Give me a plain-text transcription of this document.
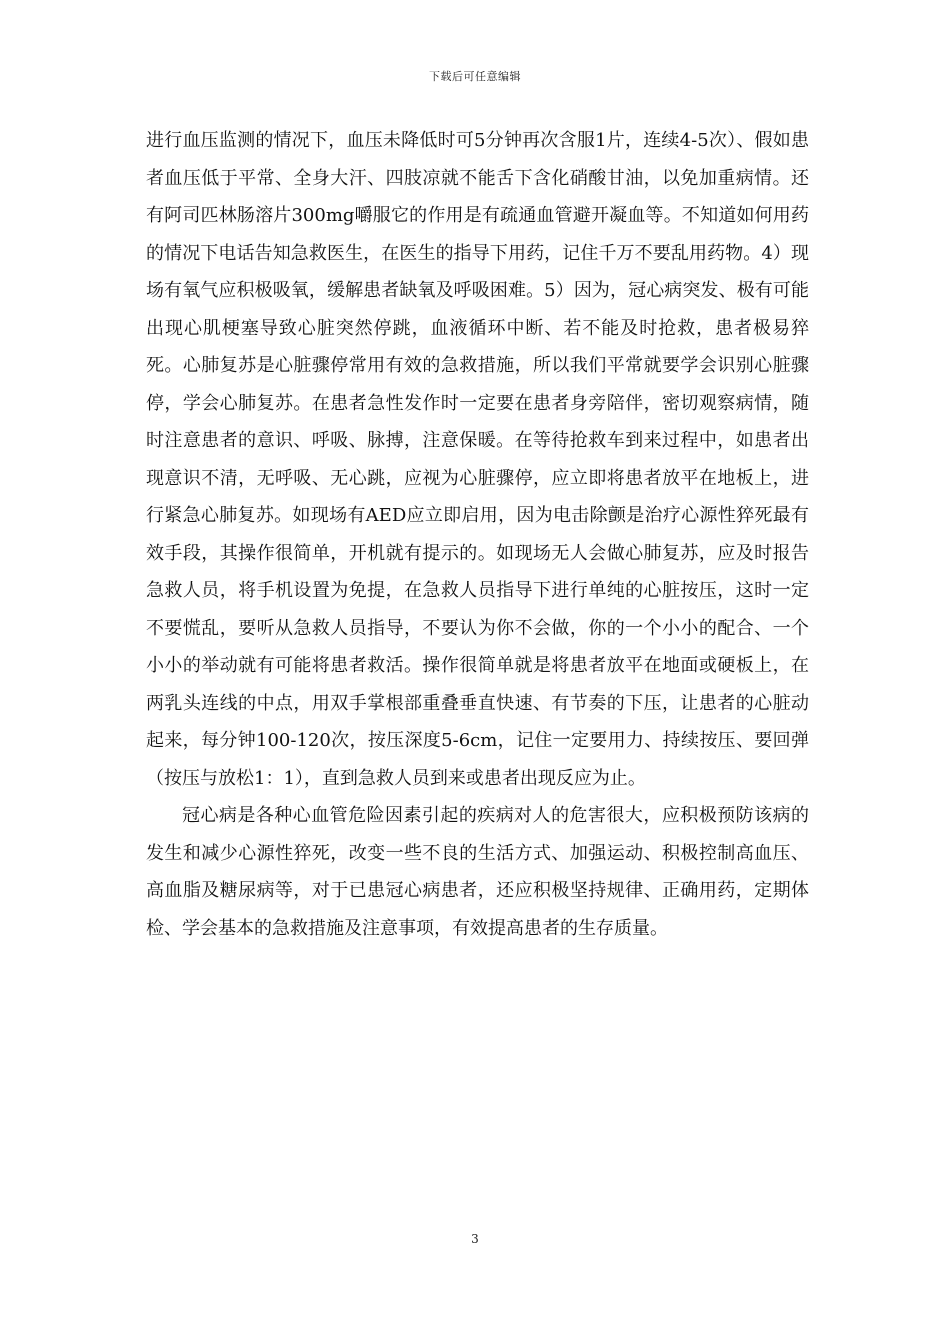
下载后可任意编辑

进行血压监测的情况下，血压未降低时可5分钟再次含服1片，连续4-5次）、假如患者血压低于平常、全身大汗、四肢凉就不能舌下含化硝酸甘油，以免加重病情。还有阿司匹林肠溶片300mg嚼服它的作用是有疏通血管避开凝血等。不知道如何用药的情况下电话告知急救医生，在医生的指导下用药，记住千万不要乱用药物。4）现场有氧气应积极吸氧，缓解患者缺氧及呼吸困难。5）因为，冠心病突发、极有可能出现心肌梗塞导致心脏突然停跳，血液循环中断、若不能及时抢救，患者极易猝死。心肺复苏是心脏骤停常用有效的急救措施，所以我们平常就要学会识别心脏骤停，学会心肺复苏。在患者急性发作时一定要在患者身旁陪伴，密切观察病情，随时注意患者的意识、呼吸、脉搏，注意保暖。在等待抢救车到来过程中，如患者出现意识不清，无呼吸、无心跳，应视为心脏骤停，应立即将患者放平在地板上，进行紧急心肺复苏。如现场有AED应立即启用，因为电击除颤是治疗心源性猝死最有效手段，其操作很简单，开机就有提示的。如现场无人会做心肺复苏，应及时报告急救人员，将手机设置为免提，在急救人员指导下进行单纯的心脏按压，这时一定不要慌乱，要听从急救人员指导，不要认为你不会做，你的一个小小的配合、一个小小的举动就有可能将患者救活。操作很简单就是将患者放平在地面或硬板上，在两乳头连线的中点，用双手掌根部重叠垂直快速、有节奏的下压，让患者的心脏动起来，每分钟100-120次，按压深度5-6cm，记住一定要用力、持续按压、要回弹（按压与放松1：1），直到急救人员到来或患者出现反应为止。

冠心病是各种心血管危险因素引起的疾病对人的危害很大，应积极预防该病的发生和减少心源性猝死，改变一些不良的生活方式、加强运动、积极控制高血压、高血脂及糖尿病等，对于已患冠心病患者，还应积极坚持规律、正确用药，定期体检、学会基本的急救措施及注意事项，有效提高患者的生存质量。

3
